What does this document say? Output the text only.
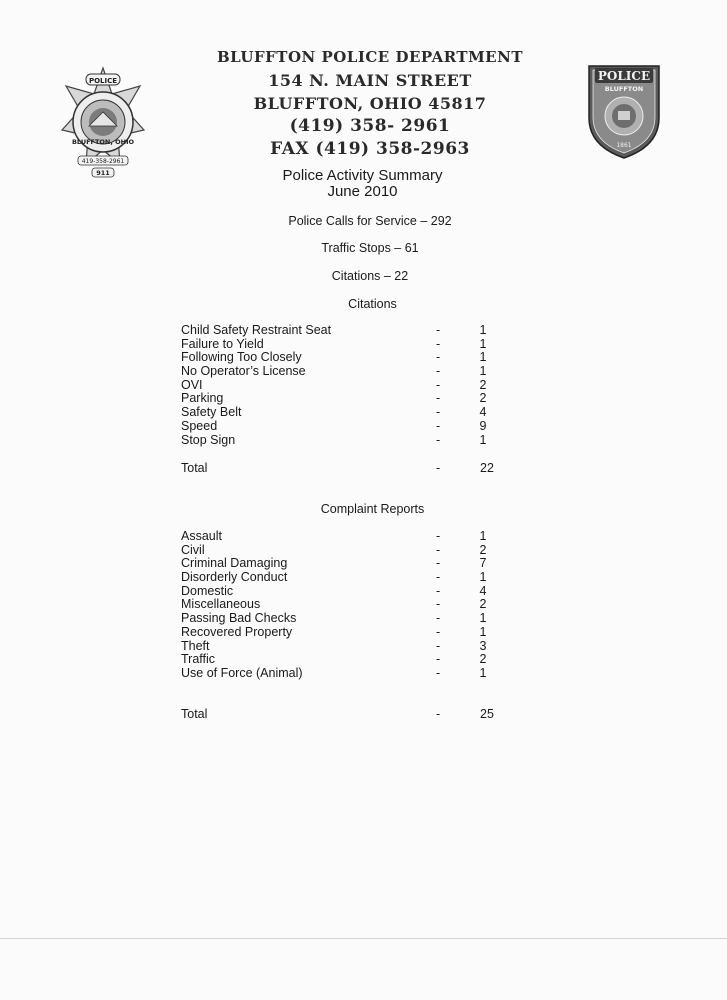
POLICE
BLUFFTON, OHIO
419-358-2961
911
BLUFFTON POLICE DEPARTMENT
154 N. MAIN STREET
BLUFFTON, OHIO 45817
(419) 358- 2961
FAX (419) 358-2963
POLICE
BLUFFTON
1861
Police Activity Summary
June 2010
Police Calls for Service – 292
Traffic Stops – 61
Citations – 22
Citations
Child Safety Restraint Seat	-	1
Failure to Yield	-	1
Following Too Closely	-	1
No Operator’s License	-	1
OVI	-	2
Parking	-	2
Safety Belt	-	4
Speed	-	9
Stop Sign	-	1
Total	-	22
Complaint Reports
Assault	-	1
Civil	-	2
Criminal Damaging	-	7
Disorderly Conduct	-	1
Domestic	-	4
Miscellaneous	-	2
Passing Bad Checks	-	1
Recovered Property	-	1
Theft	-	3
Traffic	-	2
Use of Force (Animal)	-	1
Total	-	25
